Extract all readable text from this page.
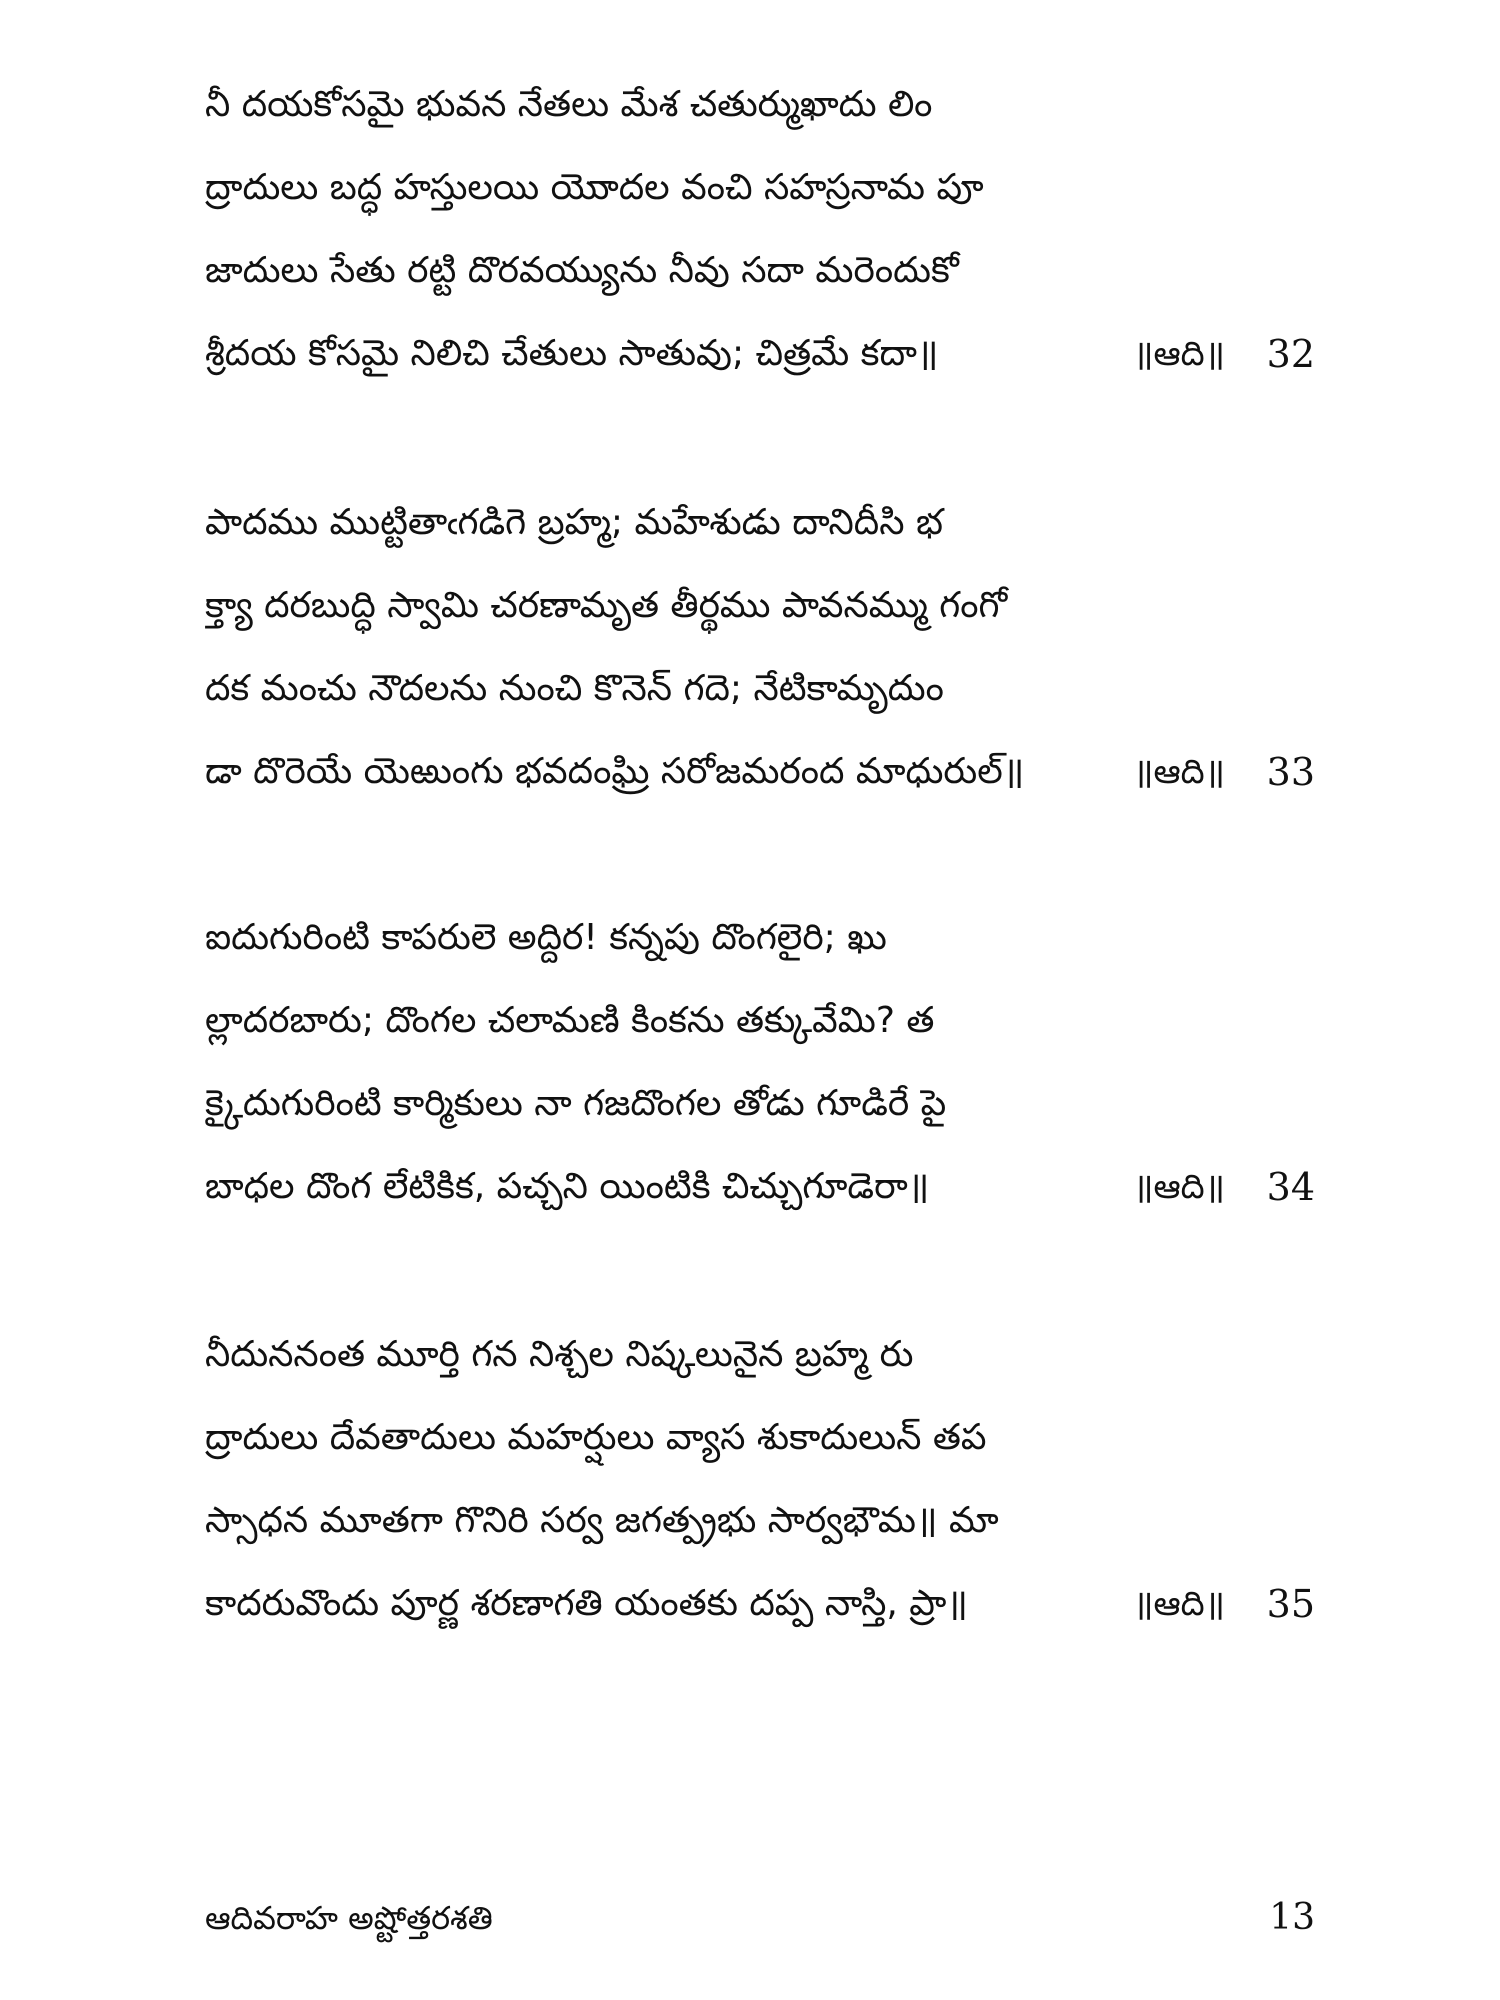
నీ దయకోసమై భువన నేతలు మేశ చతుర్ముఖాదు లిం
ద్రాదులు బద్ధ హస్తులయి యొాదల వంచి సహస్రనామ పూ
జాదులు సేతు రట్టి దొరవయ్యును నీవు సదా మరెందుకో
శ్రీదయ కోసమై నిలిచి చేతులు సాతువు; చిత్రమే కదా॥	॥ఆది॥ 32
పాదము ముట్టితాఁగడిగె బ్రహ్మ; మహేశుడు దానిదీసి భ
క్త్యా దరబుద్ధి స్వామి చరణామృత తీర్థము పావనమ్ము గంగో
దక మంచు నౌదలను నుంచి కొనెన్ గదె; నేటికామృదుం
డా దొరెయే యెఱుంగు భవదంఘ్రి సరోజమరంద మాధురుల్॥	॥ఆది॥ 33
ఐదుగురింటి కాపరులె అద్దిర! కన్నపు దొంగలైరి; ఖు
ల్లాదరబారు; దొంగల చలామణి కింకను తక్కువేమి? త
క్కైదుగురింటి కార్మికులు నా గజదొంగల తోడు గూడిరే పై
బాధల దొంగ లేటికిక, పచ్చని యింటికి చిచ్చుగూడెరా॥	॥ఆది॥ 34
నీదుననంత మూర్తి గన నిశ్చల నిష్కలునైన బ్రహ్మ రు
ద్రాదులు దేవతాదులు మహర్షులు వ్యాస శుకాదులున్ తప
స్సాధన మూతగా గొనిరి సర్వ జగత్ప్రభు సార్వభౌమ॥ మా
కాదరువొందు పూర్ణ శరణాగతి యంతకు దప్ప నాస్తి, ప్రా॥	॥ఆది॥ 35
ఆదివరాహ అష్టోత్తరశతి	13
